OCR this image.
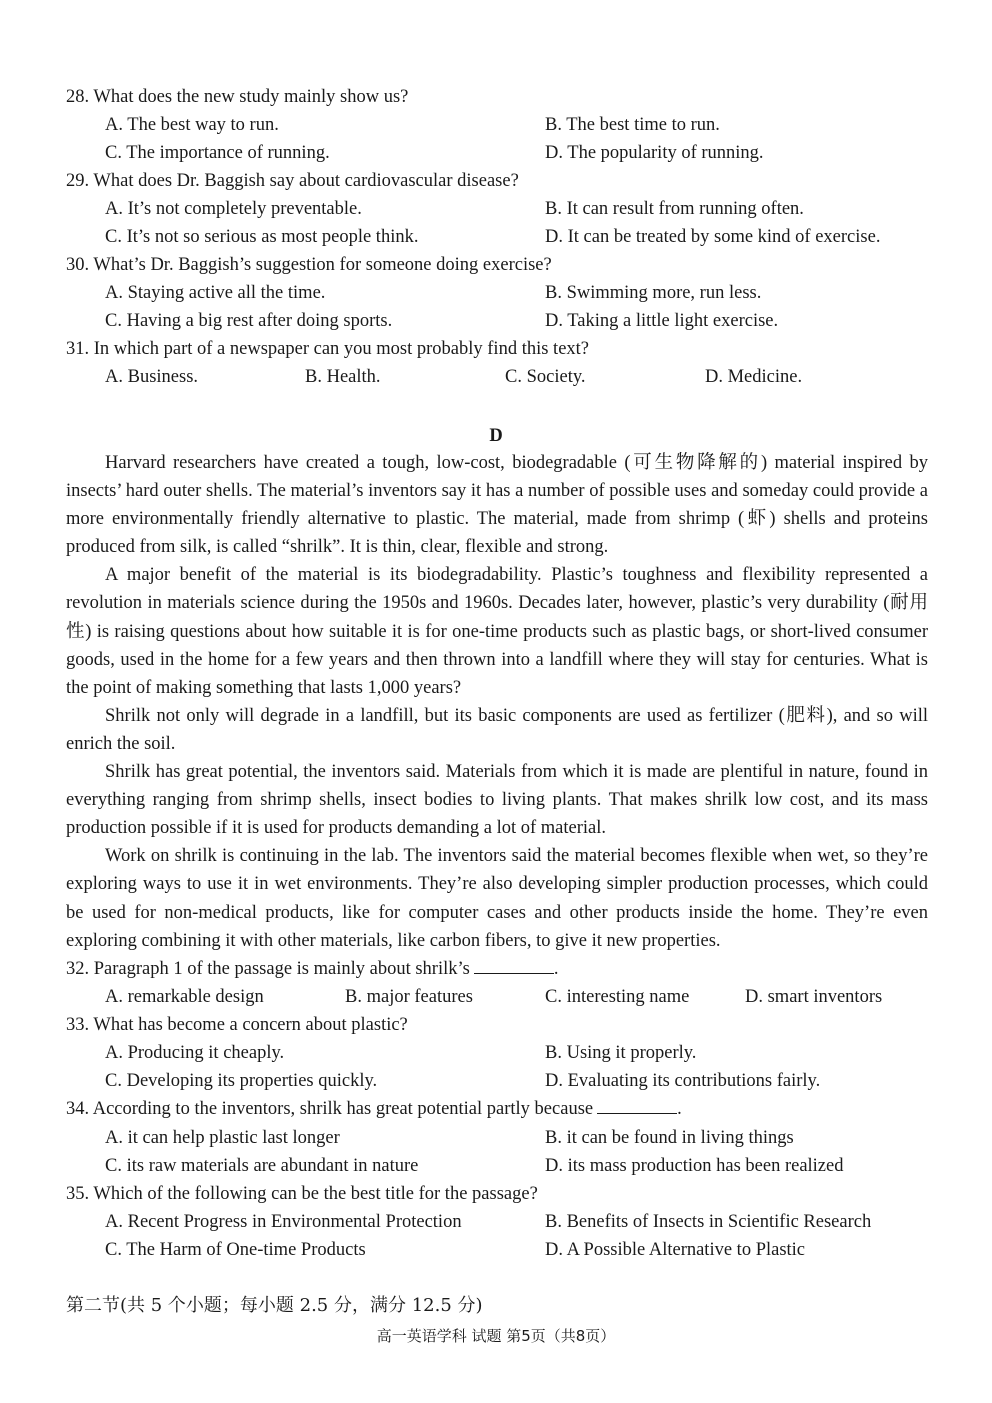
28. What does the new study mainly show us?
A. The best way to run.	B. The best time to run.
C. The importance of running.	D. The popularity of running.
29. What does Dr. Baggish say about cardiovascular disease?
A. It’s not completely preventable.	B. It can result from running often.
C. It’s not so serious as most people think.	D. It can be treated by some kind of exercise.
30. What’s Dr. Baggish’s suggestion for someone doing exercise?
A. Staying active all the time.	B. Swimming more, run less.
C. Having a big rest after doing sports.	D. Taking a little light exercise.
31. In which part of a newspaper can you most probably find this text?
A. Business.	B. Health.	C. Society.	D. Medicine.
D

Harvard researchers have created a tough, low-cost, biodegradable (可生物降解的) material inspired by insects’ hard outer shells. The material’s inventors say it has a number of possible uses and someday could provide a more environmentally friendly alternative to plastic. The material, made from shrimp (虾) shells and proteins produced from silk, is called “shrilk”. It is thin, clear, flexible and strong.

A major benefit of the material is its biodegradability. Plastic’s toughness and flexibility represented a revolution in materials science during the 1950s and 1960s. Decades later, however, plastic’s very durability (耐用性) is raising questions about how suitable it is for one-time products such as plastic bags, or short-lived consumer goods, used in the home for a few years and then thrown into a landfill where they will stay for centuries. What is the point of making something that lasts 1,000 years?

Shrilk not only will degrade in a landfill, but its basic components are used as fertilizer (肥料), and so will enrich the soil.

Shrilk has great potential, the inventors said. Materials from which it is made are plentiful in nature, found in everything ranging from shrimp shells, insect bodies to living plants. That makes shrilk low cost, and its mass production possible if it is used for products demanding a lot of material.

Work on shrilk is continuing in the lab. The inventors said the material becomes flexible when wet, so they’re exploring ways to use it in wet environments. They’re also developing simpler production processes, which could be used for non-medical products, like for computer cases and other products inside the home. They’re even exploring combining it with other materials, like carbon fibers, to give it new properties.

32. Paragraph 1 of the passage is mainly about shrilk’s	.
A. remarkable design	B. major features	C. interesting name	D. smart inventors
33. What has become a concern about plastic?
A. Producing it cheaply.	B. Using it properly.
C. Developing its properties quickly.	D. Evaluating its contributions fairly.
34. According to the inventors, shrilk has great potential partly because	.
A. it can help plastic last longer	B. it can be found in living things
C. its raw materials are abundant in nature	D. its mass production has been realized
35. Which of the following can be the best title for the passage?
A. Recent Progress in Environmental Protection	B. Benefits of Insects in Scientific Research
C. The Harm of One-time Products	D. A Possible Alternative to Plastic
第二节(共 5 个小题；每小题 2.5 分，满分 12.5 分)
高一英语学科 试题 第5页（共8页）
